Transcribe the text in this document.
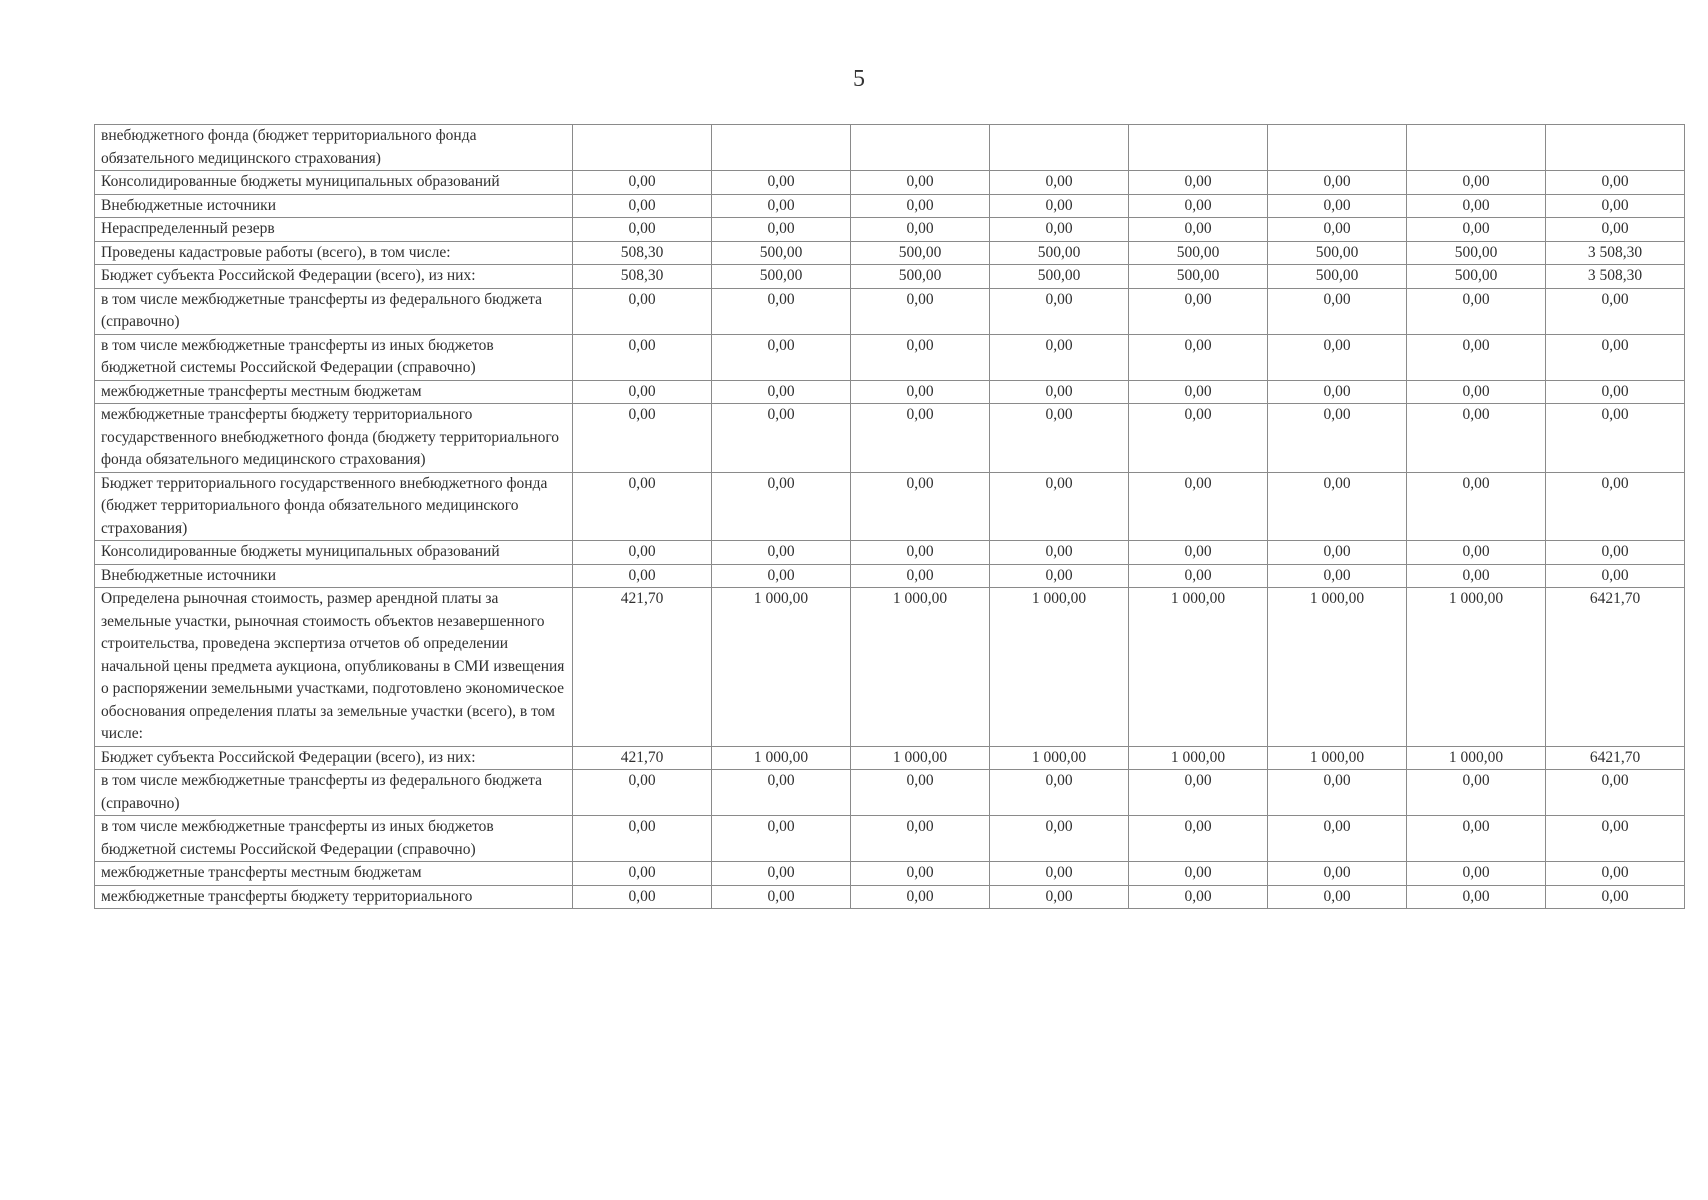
5
внебюджетного фонда (бюджет территориального фонда обязательного медицинского страхования)								
Консолидированные бюджеты муниципальных образований	0,00	0,00	0,00	0,00	0,00	0,00	0,00	0,00
Внебюджетные источники	0,00	0,00	0,00	0,00	0,00	0,00	0,00	0,00
Нераспределенный резерв	0,00	0,00	0,00	0,00	0,00	0,00	0,00	0,00
Проведены кадастровые работы (всего), в том числе:	508,30	500,00	500,00	500,00	500,00	500,00	500,00	3 508,30
Бюджет субъекта Российской Федерации (всего), из них:	508,30	500,00	500,00	500,00	500,00	500,00	500,00	3 508,30
в том числе межбюджетные трансферты из федерального бюджета (справочно)	0,00	0,00	0,00	0,00	0,00	0,00	0,00	0,00
в том числе межбюджетные трансферты из иных бюджетов бюджетной системы Российской Федерации (справочно)	0,00	0,00	0,00	0,00	0,00	0,00	0,00	0,00
межбюджетные трансферты местным бюджетам	0,00	0,00	0,00	0,00	0,00	0,00	0,00	0,00
межбюджетные трансферты бюджету территориального государственного внебюджетного фонда (бюджету территориального фонда обязательного медицинского страхования)	0,00	0,00	0,00	0,00	0,00	0,00	0,00	0,00
Бюджет территориального государственного внебюджетного фонда (бюджет территориального фонда обязательного медицинского страхования)	0,00	0,00	0,00	0,00	0,00	0,00	0,00	0,00
Консолидированные бюджеты муниципальных образований	0,00	0,00	0,00	0,00	0,00	0,00	0,00	0,00
Внебюджетные источники	0,00	0,00	0,00	0,00	0,00	0,00	0,00	0,00
Определена рыночная стоимость, размер арендной платы за земельные участки, рыночная стоимость объектов незавершенного строительства, проведена экспертиза отчетов об определении начальной цены предмета аукциона, опубликованы в СМИ извещения о распоряжении земельными участками, подготовлено экономическое обоснования определения платы за земельные участки (всего), в том числе:	421,70	1 000,00	1 000,00	1 000,00	1 000,00	1 000,00	1 000,00	6421,70
Бюджет субъекта Российской Федерации (всего), из них:	421,70	1 000,00	1 000,00	1 000,00	1 000,00	1 000,00	1 000,00	6421,70
в том числе межбюджетные трансферты из федерального бюджета (справочно)	0,00	0,00	0,00	0,00	0,00	0,00	0,00	0,00
в том числе межбюджетные трансферты из иных бюджетов бюджетной системы Российской Федерации (справочно)	0,00	0,00	0,00	0,00	0,00	0,00	0,00	0,00
межбюджетные трансферты местным бюджетам	0,00	0,00	0,00	0,00	0,00	0,00	0,00	0,00
межбюджетные трансферты бюджету территориального	0,00	0,00	0,00	0,00	0,00	0,00	0,00	0,00
